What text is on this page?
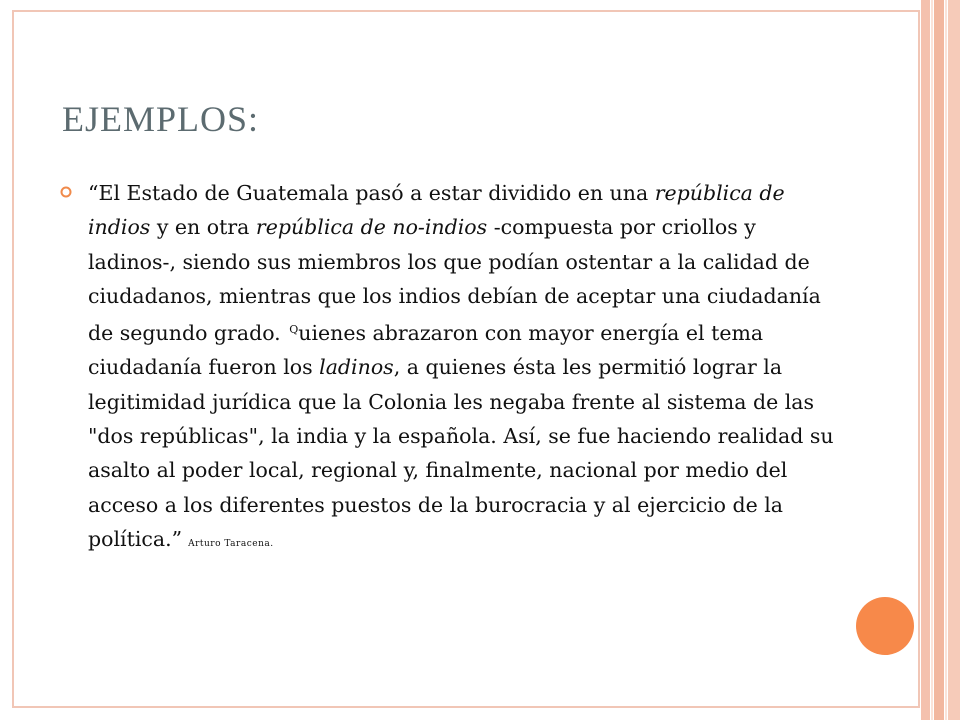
EJEMPLOS:

“El Estado de Guatemala pasó a estar dividido en una república de indios y en otra república de no-indios -compuesta por criollos y ladinos-, siendo sus miembros los que podían ostentar a la calidad de ciudadanos, mientras que los indios debían de aceptar una ciudadanía de segundo grado. $^Q$uienes abrazaron con mayor energía el tema ciudadanía fueron los ladinos, a quienes ésta les permitió lograr la legitimidad jurídica que la Colonia les negaba frente al sistema de las "dos repúblicas", la india y la española. Así, se fue haciendo realidad su asalto al poder local, regional y, finalmente, nacional por medio del acceso a los diferentes puestos de la burocracia y al ejercicio de la política.” Arturo Taracena.
